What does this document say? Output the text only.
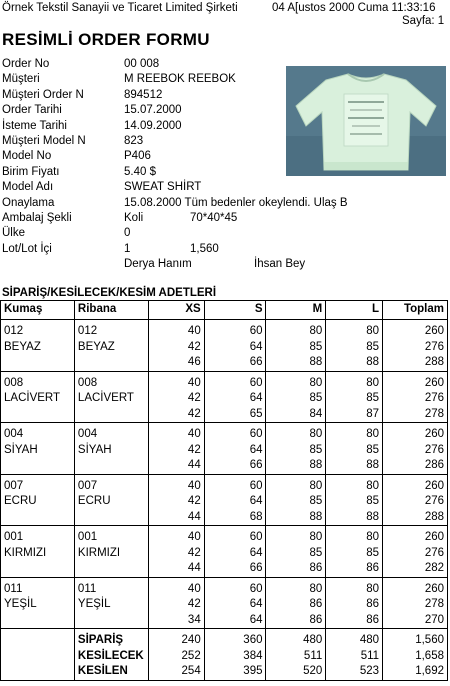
Örnek Tekstil Sanayii ve Ticaret Limited Şirketi	04 A[ustos 2000 Cuma 11:33:16
Sayfa: 1
RESİMLİ ORDER FORMU
Order No	00 008
Müşteri	M REEBOK REEBOK
Müşteri Order N	894512
Order Tarihi	15.07.2000
İsteme Tarihi	14.09.2000
Müşteri Model N	823
Model No	P406
Birim Fiyatı	5.40 $
Model Adı	SWEAT SHİRT
Onaylama	15.08.2000 Tüm bedenler okeylendi. Ulaş B
Ambalaj Şekli	Koli	70*40*45
Ülke	0
Lot/Lot İçi	1	1,560
Derya Hanım	İhsan Bey
SİPARİŞ/KESİLECEK/KESİM ADETLERİ
Kumaş	Ribana	XS	S	M	L	Toplam
012	012	40	60	80	80	260
BEYAZ	BEYAZ	42	64	85	85	276
		46	66	88	88	288
008	008	40	60	80	80	260
LACİVERT	LACİVERT	42	64	85	85	276
		42	65	84	87	278
004	004	40	60	80	80	260
SİYAH	SİYAH	42	64	85	85	276
		44	66	88	88	286
007	007	40	60	80	80	260
ECRU	ECRU	42	64	85	85	276
		44	68	88	88	288
001	001	40	60	80	80	260
KIRMIZI	KIRMIZI	42	64	85	85	276
		44	66	86	86	282
011	011	40	60	80	80	260
YEŞİL	YEŞİL	42	64	86	86	278
		34	64	86	86	270
	SİPARİŞ	240	360	480	480	1,560
	KESİLECEK	252	384	511	511	1,658
	KESİLEN	254	395	520	523	1,692
